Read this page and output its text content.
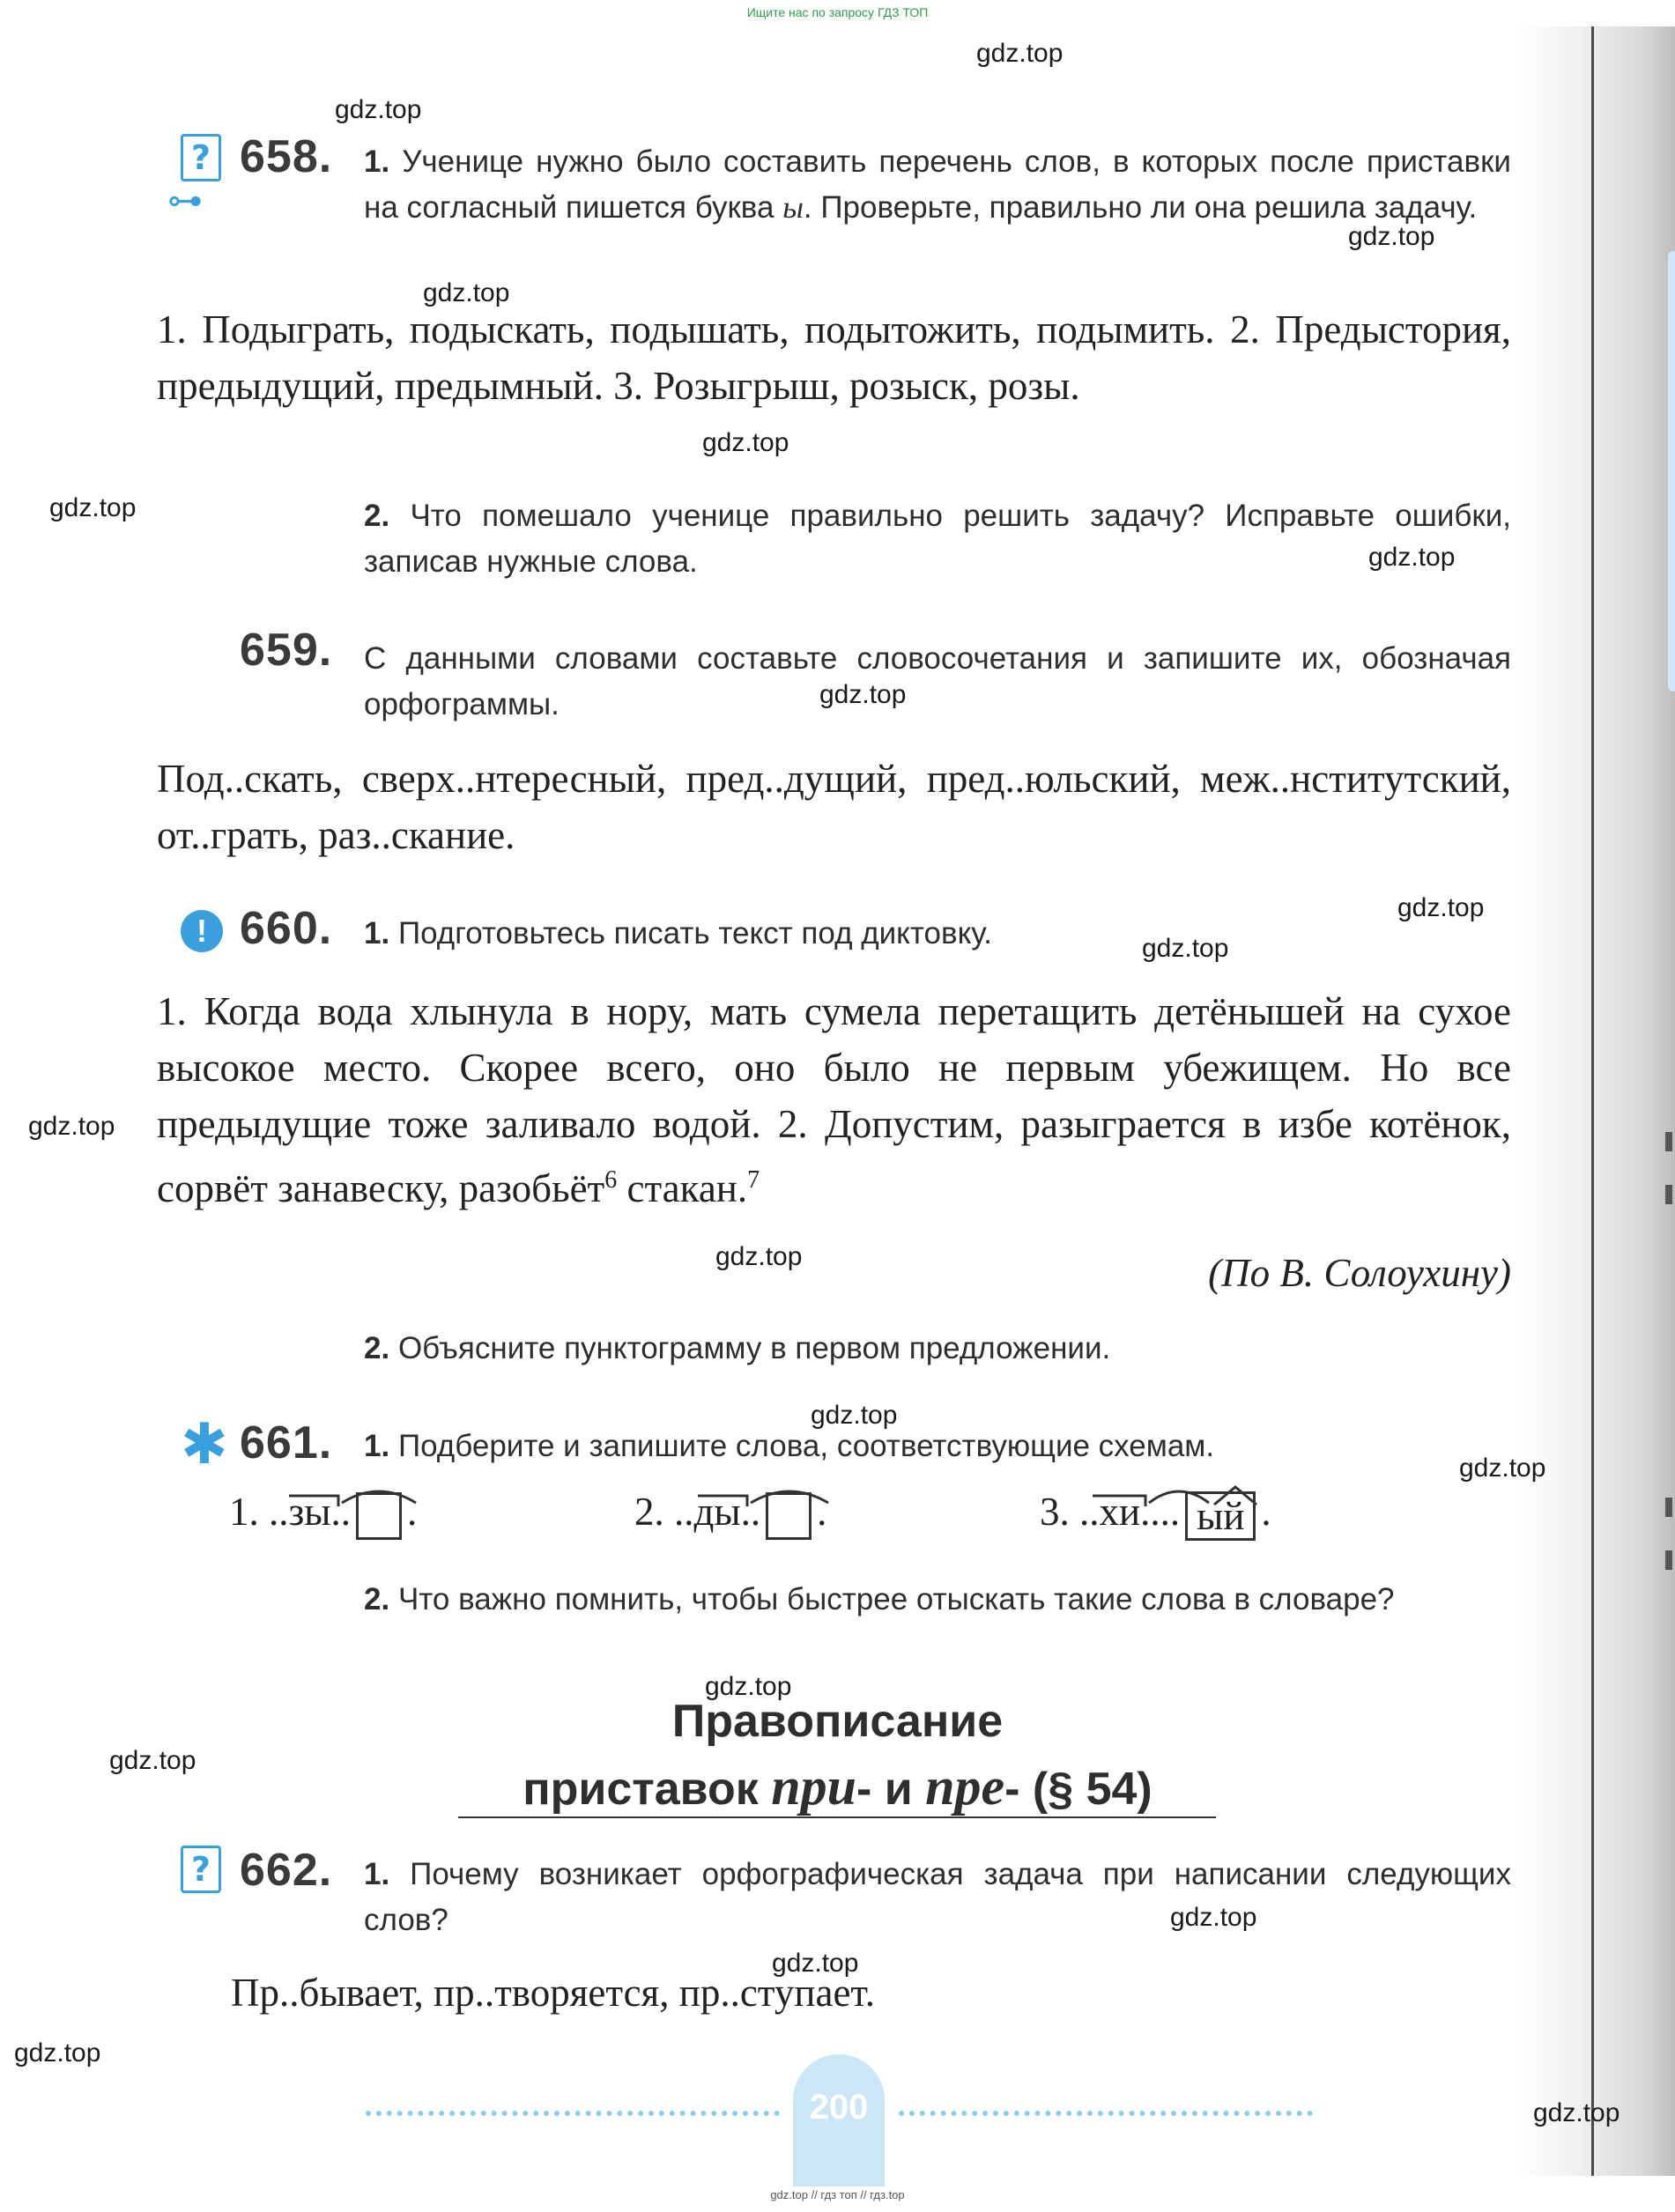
Ищите нас по запросу ГДЗ ТОП
gdz.top
gdz.top
gdz.top
gdz.top
gdz.top
gdz.top
gdz.top
gdz.top
gdz.top
gdz.top
gdz.top
gdz.top
gdz.top
gdz.top
gdz.top
gdz.top
gdz.top
gdz.top
gdz.top
gdz.top
?
⊶
658. 1. Ученице нужно было составить перечень слов, в которых после приставки на согласный пишется буква ы. Проверьте, правильно ли она решила задачу.
1. Подыграть, подыскать, подышать, подытожить, подымить. 2. Предыстория, предыдущий, предымный. 3. Розыгрыш, розыск, розы.
2. Что помешало ученице правильно решить задачу? Исправьте ошибки, записав нужные слова.
659. С данными словами составьте словосочетания и запишите их, обозначая орфограммы.
Под..скать, сверх..нтересный, пред..дущий, пред..юльский, меж..нститутский, от..грать, раз..скание.
! 660. 1. Подготовьтесь писать текст под диктовку.
1. Когда вода хлынула в нору, мать сумела перетащить детёнышей на сухое высокое место. Скорее всего, оно было не первым убежищем. Но все предыдущие тоже заливало водой. 2. Допустим, разыграется в избе котёнок, сорвёт занавеску, разобьёт$^6$ стакан.$^7$
(По В. Солоухину)
2. Объясните пунктограмму в первом предложении.
✱ 661. 1. Подберите и запишите слова, соответствующие схемам.
1. ..зы.. .	2. ..ды.. .	3. ..хи.... ый .
2. Что важно помнить, чтобы быстрее отыскать такие слова в словаре?
Правописание
приставок при- и пре- (§ 54)
? 662. 1. Почему возникает орфографическая задача при написании следующих слов?
Пр..бывает, пр..творяется, пр..ступает.
200
gdz.top // гдз топ // гдз.top
